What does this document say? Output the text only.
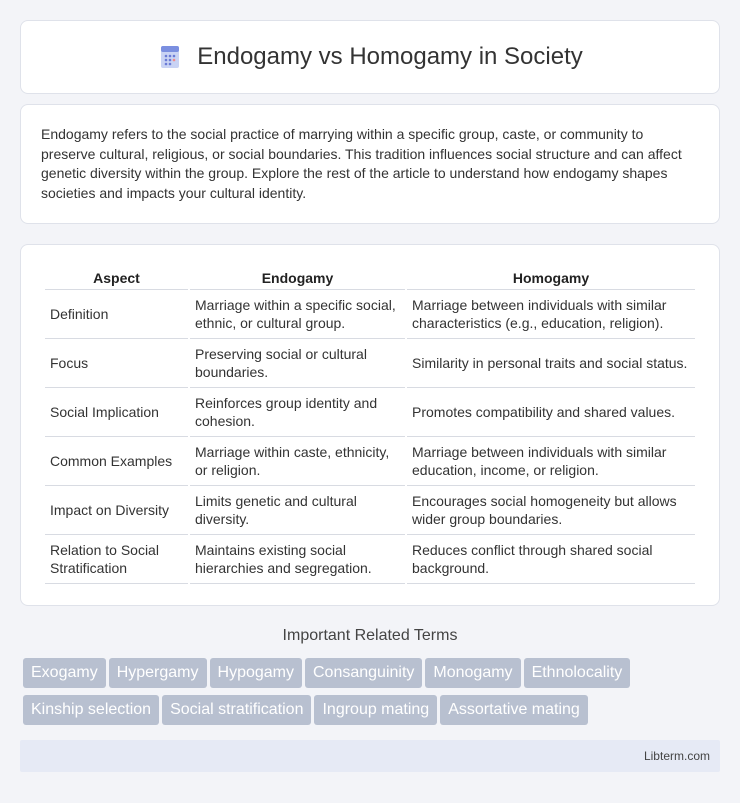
Endogamy vs Homogamy in Society

Endogamy refers to the social practice of marrying within a specific group, caste, or community to preserve cultural, religious, or social boundaries. This tradition influences social structure and can affect genetic diversity within the group. Explore the rest of the article to understand how endogamy shapes societies and impacts your cultural identity.

Aspect	Endogamy	Homogamy
Definition	Marriage within a specific social, ethnic, or cultural group.	Marriage between individuals with similar characteristics (e.g., education, religion).
Focus	Preserving social or cultural boundaries.	Similarity in personal traits and social status.
Social Implication	Reinforces group identity and cohesion.	Promotes compatibility and shared values.
Common Examples	Marriage within caste, ethnicity, or religion.	Marriage between individuals with similar education, income, or religion.
Impact on Diversity	Limits genetic and cultural diversity.	Encourages social homogeneity but allows wider group boundaries.
Relation to Social Stratification	Maintains existing social hierarchies and segregation.	Reduces conflict through shared social background.
Important Related Terms
Exogamy Hypergamy Hypogamy Consanguinity Monogamy Ethnolocality
Kinship selection Social stratification Ingroup mating Assortative mating
Libterm.com
